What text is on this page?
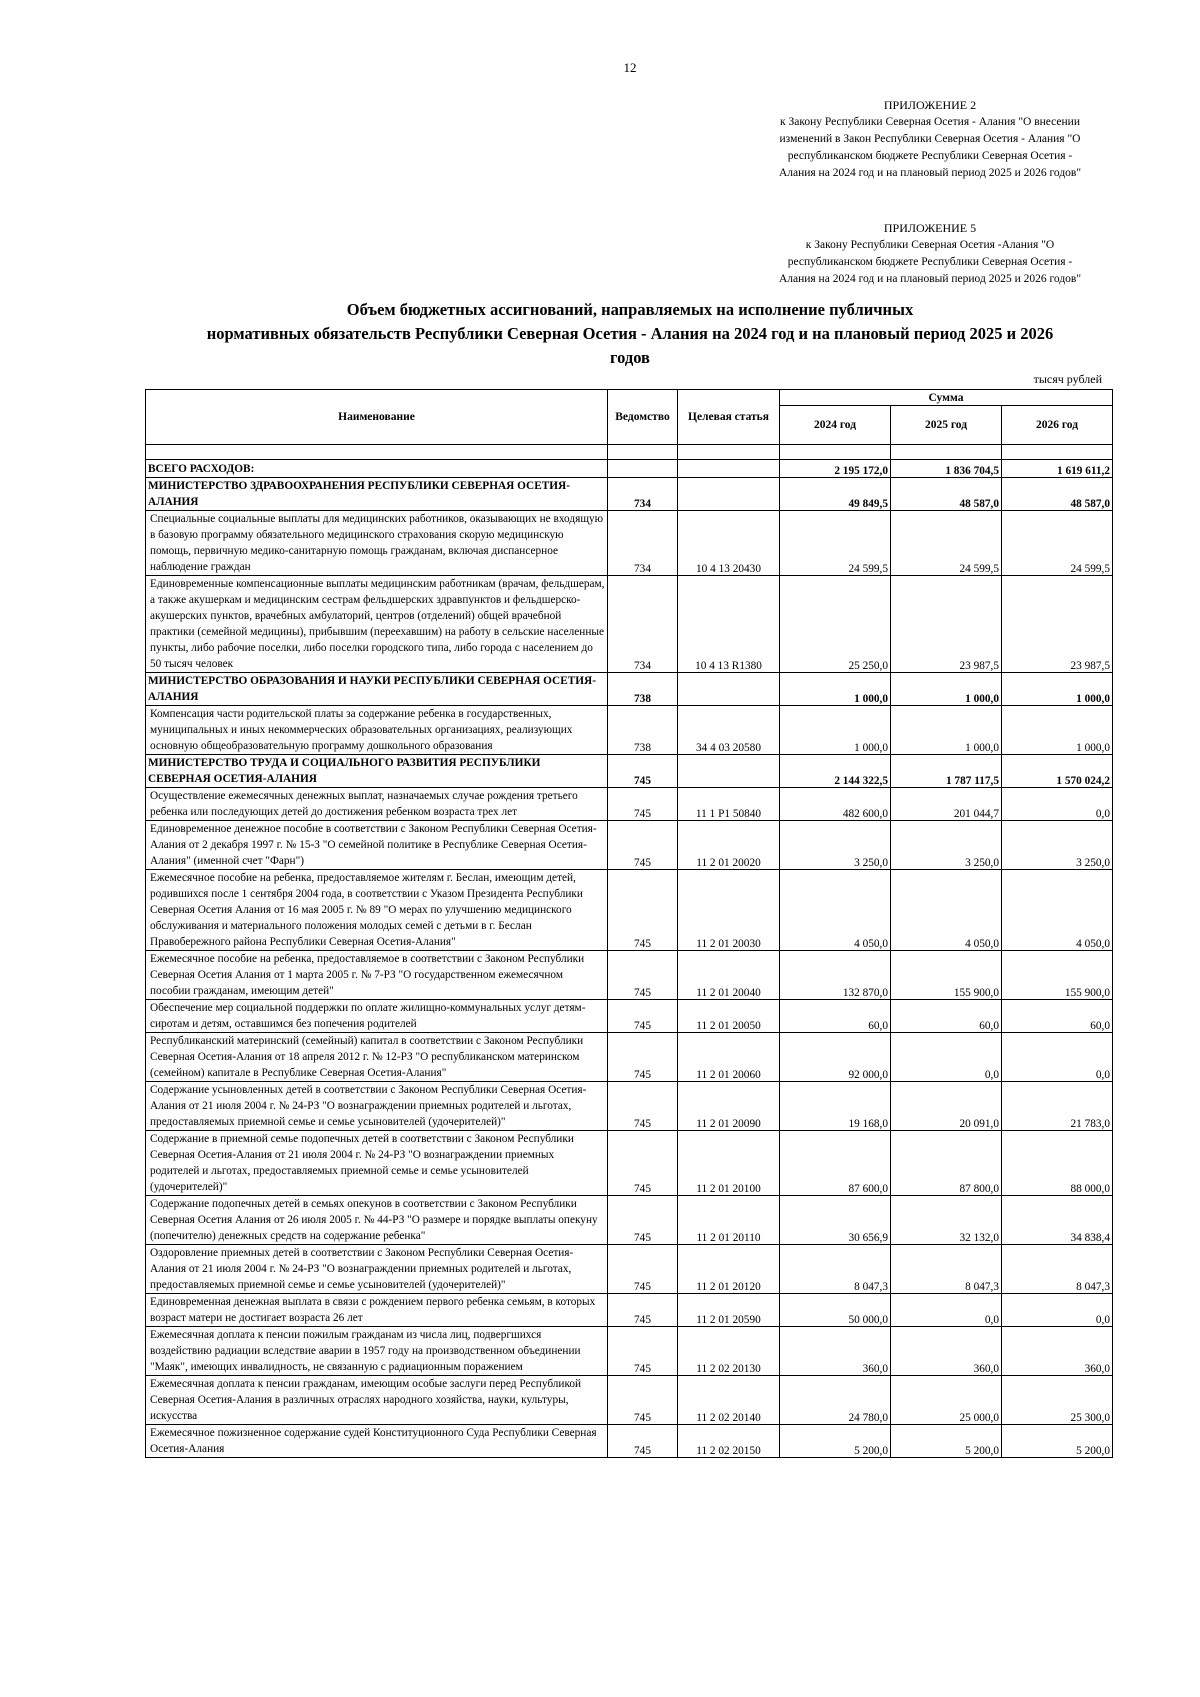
12
ПРИЛОЖЕНИЕ 2
к Закону Республики Северная Осетия - Алания "О внесении изменений в Закон Республики Северная Осетия - Алания "О республиканском бюджете Республики Северная Осетия - Алания на 2024 год и на плановый период 2025 и 2026 годов"
ПРИЛОЖЕНИЕ 5
к Закону Республики Северная Осетия -Алания "О республиканском бюджете Республики Северная Осетия - Алания на 2024 год и на плановый период 2025 и 2026 годов"
Объем бюджетных ассигнований, направляемых на исполнение публичных
нормативных обязательств Республики Северная Осетия - Алания на 2024 год и на плановый период 2025 и 2026
годов
тысяч рублей
Наименование	Ведомство	Целевая статья	Сумма		
			2024 год	2025 год	2026 год

ВСЕГО РАСХОДОВ:			2 195 172,0	1 836 704,5	1 619 611,2
МИНИСТЕРСТВО ЗДРАВООХРАНЕНИЯ РЕСПУБЛИКИ СЕВЕРНАЯ ОСЕТИЯ-АЛАНИЯ	734		49 849,5	48 587,0	48 587,0
Специальные социальные выплаты для медицинских работников, оказывающих не входящую в базовую программу обязательного медицинского страхования скорую медицинскую помощь, первичную медико-санитарную помощь гражданам, включая диспансерное наблюдение граждан	734	10 4 13 20430	24 599,5	24 599,5	24 599,5
Единовременные компенсационные выплаты медицинским работникам (врачам, фельдшерам, а также акушеркам и медицинским сестрам фельдшерских здравпунктов и фельдшерско-акушерских пунктов, врачебных амбулаторий, центров (отделений) общей врачебной практики (семейной медицины), прибывшим (переехавшим) на работу в сельские населенные пункты, либо рабочие поселки, либо поселки городского типа, либо города с населением до 50 тысяч человек	734	10 4 13 R1380	25 250,0	23 987,5	23 987,5
МИНИСТЕРСТВО ОБРАЗОВАНИЯ И НАУКИ РЕСПУБЛИКИ СЕВЕРНАЯ ОСЕТИЯ-АЛАНИЯ	738		1 000,0	1 000,0	1 000,0
Компенсация части родительской платы за содержание ребенка в государственных, муниципальных и иных некоммерческих образовательных организациях, реализующих основную общеобразовательную программу дошкольного образования	738	34 4 03 20580	1 000,0	1 000,0	1 000,0
МИНИСТЕРСТВО ТРУДА И СОЦИАЛЬНОГО РАЗВИТИЯ РЕСПУБЛИКИ СЕВЕРНАЯ ОСЕТИЯ-АЛАНИЯ	745		2 144 322,5	1 787 117,5	1 570 024,2
Осуществление ежемесячных денежных выплат, назначаемых случае рождения третьего ребенка или последующих детей до достижения ребенком возраста трех лет	745	11 1 P1 50840	482 600,0	201 044,7	0,0
Единовременное денежное пособие в соответствии с Законом Республики Северная Осетия-Алания от 2 декабря 1997 г. № 15-З "О семейной политике в Республике Северная Осетия-Алания" (именной счет "Фарн")	745	11 2 01 20020	3 250,0	3 250,0	3 250,0
Ежемесячное пособие на ребенка, предоставляемое жителям г. Беслан, имеющим детей, родившихся после 1 сентября 2004 года, в соответствии с Указом Президента Республики Северная Осетия Алания от 16 мая 2005 г. № 89 "О мерах по улучшению медицинского обслуживания и материального положения молодых семей с детьми в г. Беслан Правобережного района Республики Северная Осетия-Алания"	745	11 2 01 20030	4 050,0	4 050,0	4 050,0
Ежемесячное пособие на ребенка, предоставляемое в соответствии с Законом Республики Северная Осетия Алания от 1 марта 2005 г. № 7-РЗ "О государственном ежемесячном пособии гражданам, имеющим детей"	745	11 2 01 20040	132 870,0	155 900,0	155 900,0
Обеспечение мер социальной поддержки по оплате жилищно-коммунальных услуг детям-сиротам и детям, оставшимся без попечения родителей	745	11 2 01 20050	60,0	60,0	60,0
Республиканский материнский (семейный) капитал в соответствии с Законом Республики Северная Осетия-Алания от 18 апреля 2012 г. № 12-РЗ "О республиканском материнском (семейном) капитале в Республике Северная Осетия-Алания"	745	11 2 01 20060	92 000,0	0,0	0,0
Содержание усыновленных детей в соответствии с Законом Республики Северная Осетия-Алания от 21 июля 2004 г. № 24-РЗ "О вознаграждении приемных родителей и льготах, предоставляемых приемной семье и семье усыновителей (удочерителей)"	745	11 2 01 20090	19 168,0	20 091,0	21 783,0
Содержание в приемной семье подопечных детей в соответствии с Законом Республики Северная Осетия-Алания от 21 июля 2004 г. № 24-РЗ "О вознаграждении приемных родителей и льготах, предоставляемых приемной семье и семье усыновителей (удочерителей)"	745	11 2 01 20100	87 600,0	87 800,0	88 000,0
Содержание подопечных детей в семьях опекунов в соответствии с Законом Республики Северная Осетия Алания от 26 июля 2005 г. № 44-РЗ "О размере и порядке выплаты опекуну (попечителю) денежных средств на содержание ребенка"	745	11 2 01 20110	30 656,9	32 132,0	34 838,4
Оздоровление приемных детей в соответствии с Законом Республики Северная Осетия-Алания от 21 июля 2004 г. № 24-РЗ "О вознаграждении приемных родителей и льготах, предоставляемых приемной семье и семье усыновителей (удочерителей)"	745	11 2 01 20120	8 047,3	8 047,3	8 047,3
Единовременная денежная выплата в связи с рождением первого ребенка семьям, в которых возраст матери не достигает возраста 26 лет	745	11 2 01 20590	50 000,0	0,0	0,0
Ежемесячная доплата к пенсии пожилым гражданам из числа лиц, подвергшихся воздействию радиации вследствие аварии в 1957 году на производственном объединении "Маяк", имеющих инвалидность, не связанную с радиационным поражением	745	11 2 02 20130	360,0	360,0	360,0
Ежемесячная доплата к пенсии гражданам, имеющим особые заслуги перед Республикой Северная Осетия-Алания в различных отраслях народного хозяйства, науки, культуры, искусства	745	11 2 02 20140	24 780,0	25 000,0	25 300,0
Ежемесячное пожизненное содержание судей Конституционного Суда Республики Северная Осетия-Алания	745	11 2 02 20150	5 200,0	5 200,0	5 200,0
